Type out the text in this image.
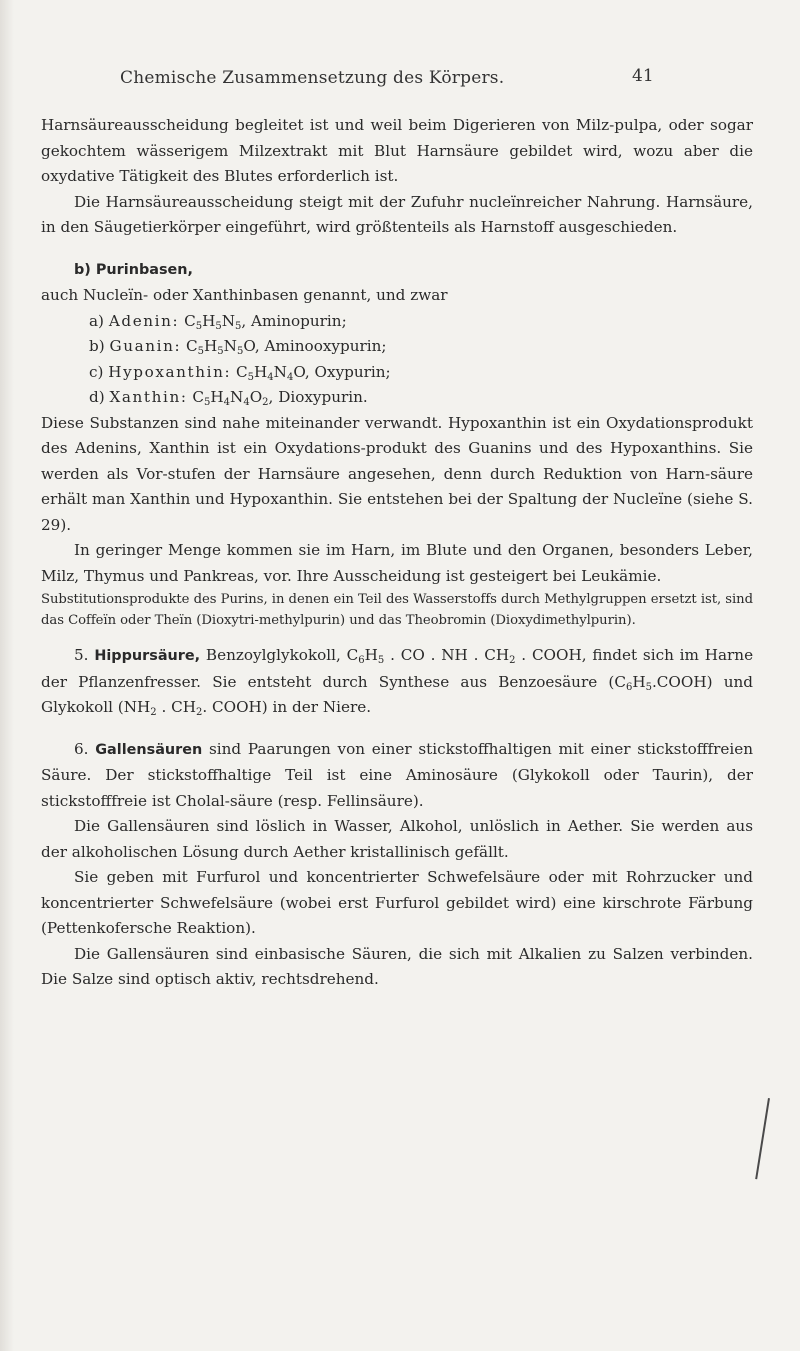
Chemische Zusammensetzung des Körpers.	41

Harnsäureausscheidung begleitet ist und weil beim Digerieren von Milz-pulpa, oder sogar gekochtem wässerigem Milzextrakt mit Blut Harnsäure gebildet wird, wozu aber die oxydative Tätigkeit des Blutes erforderlich ist.

Die Harnsäureausscheidung steigt mit der Zufuhr nucleïnreicher Nahrung. Harnsäure, in den Säugetierkörper eingeführt, wird größtenteils als Harnstoff ausgeschieden.

b) Purinbasen,

auch Nucleïn- oder Xanthinbasen genannt, und zwar

a) Adenin: $C_5H_5N_5$, Aminopurin;
b) Guanin: $C_5H_5N_5O$, Aminooxypurin;
c) Hypoxanthin: $C_5H_4N_4O$, Oxypurin;
d) Xanthin: $C_5H_4N_4O_2$, Dioxypurin.

Diese Substanzen sind nahe miteinander verwandt. Hypoxanthin ist ein Oxydationsprodukt des Adenins, Xanthin ist ein Oxydations-produkt des Guanins und des Hypoxanthins. Sie werden als Vor-stufen der Harnsäure angesehen, denn durch Reduktion von Harn-säure erhält man Xanthin und Hypoxanthin. Sie entstehen bei der Spaltung der Nucleïne (siehe S. 29).

In geringer Menge kommen sie im Harn, im Blute und den Organen, besonders Leber, Milz, Thymus und Pankreas, vor. Ihre Ausscheidung ist gesteigert bei Leukämie.

Substitutionsprodukte des Purins, in denen ein Teil des Wasserstoffs durch Methylgruppen ersetzt ist, sind das Coffeïn oder Theïn (Dioxytri-methylpurin) und das Theobromin (Dioxydimethylpurin).

5. Hippursäure, Benzoylglykokoll, $C_6H_5$ . CO . NH . $CH_2$ . COOH, findet sich im Harne der Pflanzenfresser. Sie entsteht durch Synthese aus Benzoesäure $(C_6H_5.COOH)$ und Glykokoll ($NH_2$ . $CH_2$. COOH) in der Niere.

6. Gallensäuren sind Paarungen von einer stickstoffhaltigen mit einer stickstofffreien Säure. Der stickstoffhaltige Teil ist eine Aminosäure (Glykokoll oder Taurin), der stickstofffreie ist Cholal-säure (resp. Fellinsäure).

Die Gallensäuren sind löslich in Wasser, Alkohol, unlöslich in Aether. Sie werden aus der alkoholischen Lösung durch Aether kristallinisch gefällt.

Sie geben mit Furfurol und koncentrierter Schwefelsäure oder mit Rohrzucker und koncentrierter Schwefelsäure (wobei erst Furfurol gebildet wird) eine kirschrote Färbung (Pettenkofersche Reaktion).

Die Gallensäuren sind einbasische Säuren, die sich mit Alkalien zu Salzen verbinden. Die Salze sind optisch aktiv, rechtsdrehend.
